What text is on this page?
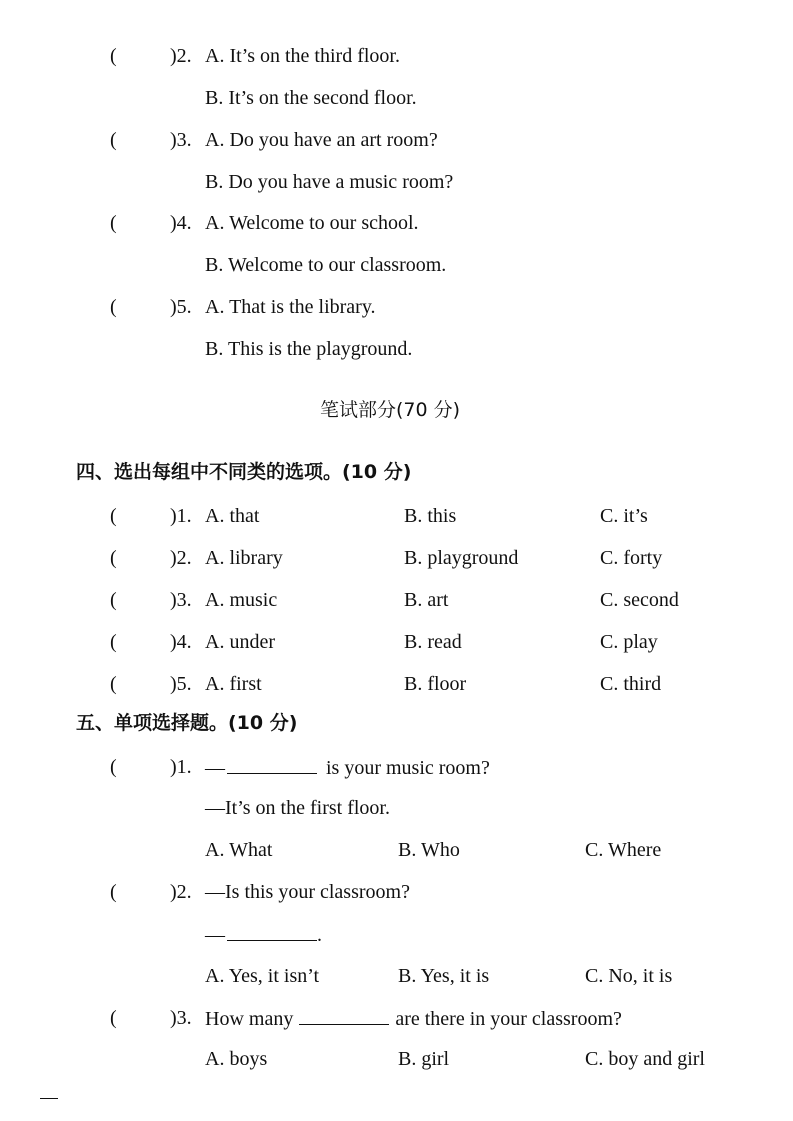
(	)2. A. It’s on the third floor.
B. It’s on the second floor.
(	)3. A. Do you have an art room?
B. Do you have a music room?
(	)4. A. Welcome to our school.
B. Welcome to our classroom.
(	)5. A. That is the library.
B. This is the playground.
笔试部分(70 分)
四、选出每组中不同类的选项。(10 分)
(	)1. A. that	B. this	C. it’s
(	)2. A. library	B. playground	C. forty
(	)3. A. music	B. art	C. second
(	)4. A. under	B. read	C. play
(	)5. A. first	B. floor	C. third
五、单项选择题。(10 分)
(	)1. —	is your music room?
—It’s on the first floor.
A. What	B. Who	C. Where
(	)2. —Is this your classroom?
—	.
A. Yes, it isn’t	B. Yes, it is	C. No, it is
(	)3. How many	are there in your classroom?
A. boys	B. girl	C. boy and girl
